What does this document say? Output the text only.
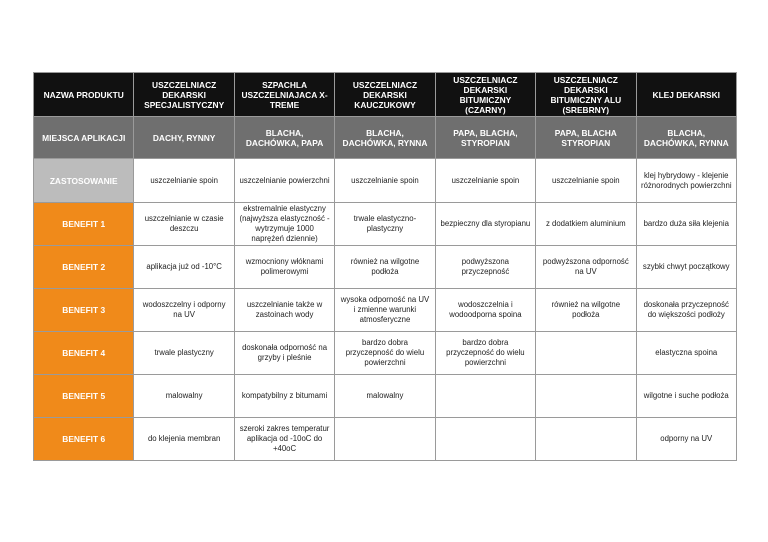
NAZWA PRODUKTU	USZCZELNIACZ DEKARSKI SPECJALISTYCZNY	SZPACHLA USZCZELNIAJACA X-TREME	USZCZELNIACZ DEKARSKI KAUCZUKOWY	USZCZELNIACZ DEKARSKI BITUMICZNY (CZARNY)	USZCZELNIACZ DEKARSKI BITUMICZNY ALU (SREBRNY)	KLEJ DEKARSKI
MIEJSCA APLIKACJI	DACHY, RYNNY	BLACHA, DACHÓWKA, PAPA	BLACHA, DACHÓWKA, RYNNA	PAPA, BLACHA, STYROPIAN	PAPA, BLACHA STYROPIAN	BLACHA, DACHÓWKA, RYNNA
ZASTOSOWANIE	uszczelnianie spoin	uszczelnianie powierzchni	uszczelnianie spoin	uszczelnianie spoin	uszczelnianie spoin	klej hybrydowy - klejenie różnorodnych powierzchni
BENEFIT 1	uszczelnianie w czasie deszczu	ekstremalnie elastyczny (najwyższa elastyczność - wytrzymuje 1000 naprężeń dziennie)	trwale elastyczno-plastyczny	bezpieczny dla styropianu	z dodatkiem aluminium	bardzo duża siła klejenia
BENEFIT 2	aplikacja już od -10°C	wzmocniony włóknami polimerowymi	również na wilgotne podłoża	podwyższona przyczepność	podwyższona odporność na UV	szybki chwyt początkowy
BENEFIT 3	wodoszczelny i odporny na UV	uszczelnianie także w zastoinach wody	wysoka odporność na UV i zmienne warunki atmosferyczne	wodoszczelnia i wodoodporna spoina	również na wilgotne podłoża	doskonała przyczepność do większości podłoży
BENEFIT 4	trwale plastyczny	doskonała odporność na grzyby i pleśnie	bardzo dobra przyczepność do wielu powierzchni	bardzo dobra przyczepność do wielu powierzchni		elastyczna spoina
BENEFIT 5	malowalny	kompatybilny z bitumami	malowalny			wilgotne i suche podłoża
BENEFIT 6	do klejenia membran	szeroki zakres temperatur aplikacja od -10oC do +40oC				odporny na UV
